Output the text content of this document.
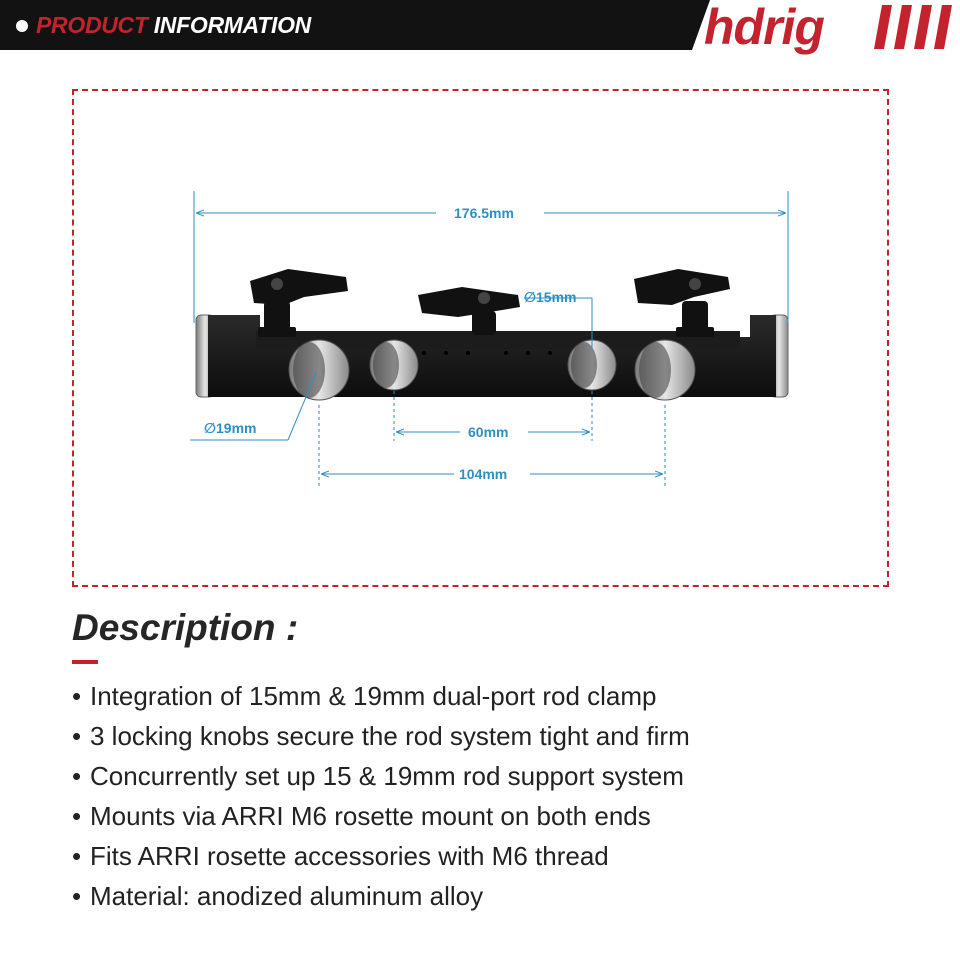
PRODUCT INFORMATION	hdrig
176.5mm
∅15mm
∅19mm	60mm
104mm
Description :
• Integration of 15mm & 19mm dual-port rod clamp
• 3 locking knobs secure the rod system tight and firm
• Concurrently set up 15 & 19mm rod support system
• Mounts via ARRI M6 rosette mount on both ends
• Fits ARRI rosette accessories with M6 thread
• Material: anodized aluminum alloy
